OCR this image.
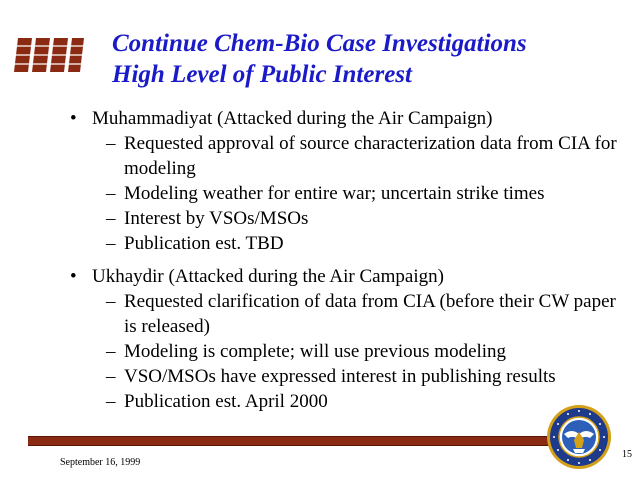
Continue Chem-Bio Case Investigations
High Level of Public Interest
• Muhammadiyat (Attacked during the Air Campaign)
– Requested approval of source characterization data from CIA for modeling
– Modeling weather for entire war; uncertain strike times
– Interest by VSOs/MSOs
– Publication est. TBD
• Ukhaydir (Attacked during the Air Campaign)
– Requested clarification of data from CIA (before their CW paper is released)
– Modeling is complete; will use previous modeling
– VSO/MSOs have expressed interest in publishing results
– Publication est. April 2000
September 16, 1999
15
